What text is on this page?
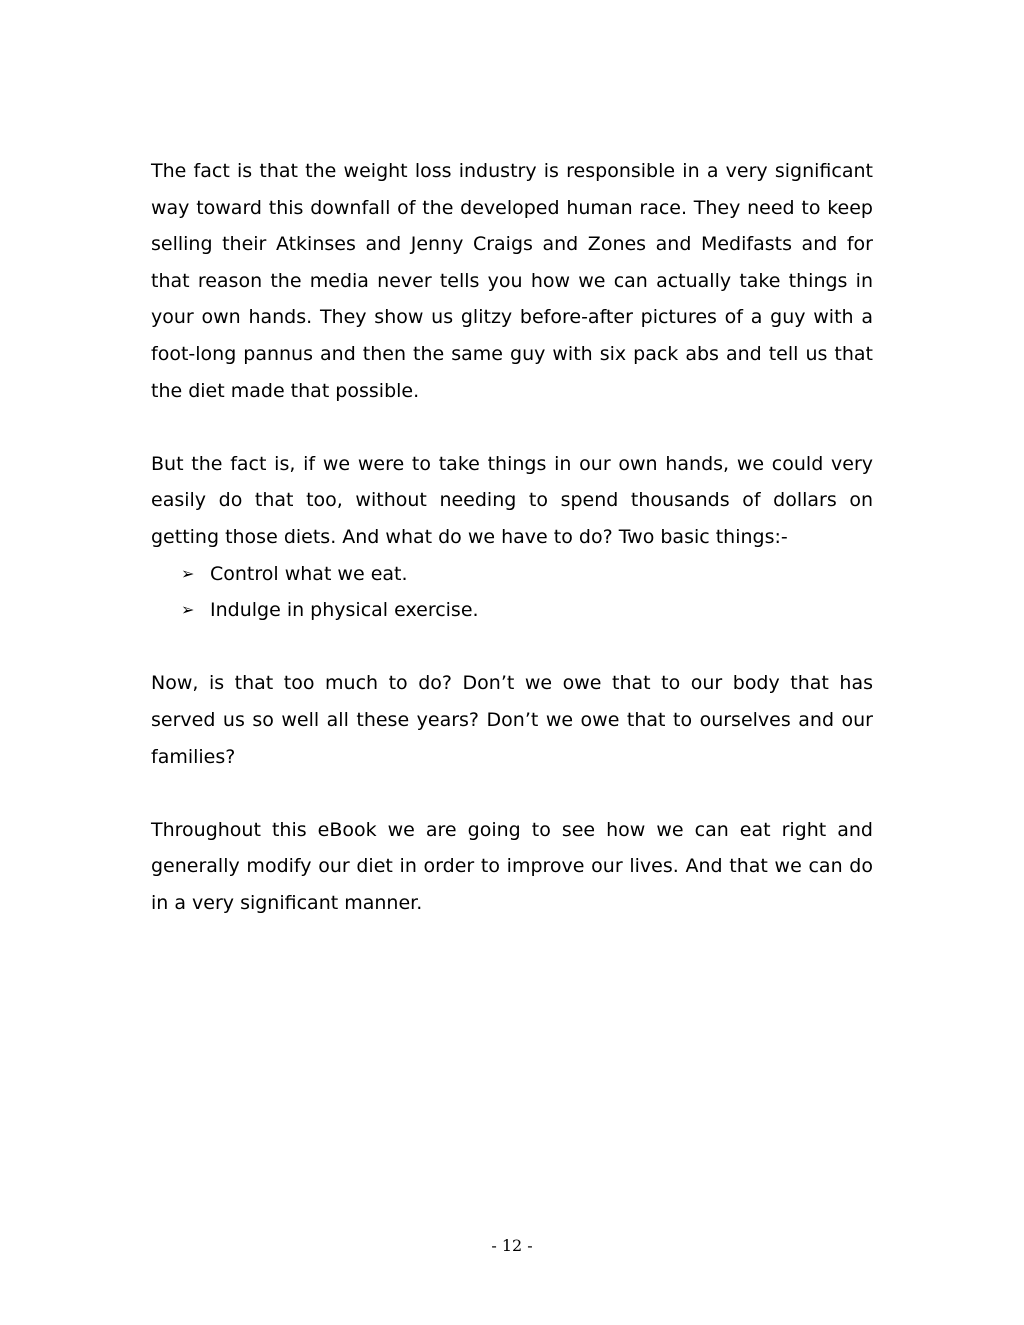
The fact is that the weight loss industry is responsible in a very significant way toward this downfall of the developed human race. They need to keep selling their Atkinses and Jenny Craigs and Zones and Medifasts and for that reason the media never tells you how we can actually take things in your own hands. They show us glitzy before-after pictures of a guy with a foot-long pannus and then the same guy with six pack abs and tell us that the diet made that possible.

But the fact is, if we were to take things in our own hands, we could very easily do that too, without needing to spend thousands of dollars on getting those diets. And what do we have to do? Two basic things:-

➢ Control what we eat.
➢ Indulge in physical exercise.

Now, is that too much to do? Don’t we owe that to our body that has served us so well all these years? Don’t we owe that to ourselves and our families?

Throughout this eBook we are going to see how we can eat right and generally modify our diet in order to improve our lives. And that we can do in a very significant manner.

- 12 -
